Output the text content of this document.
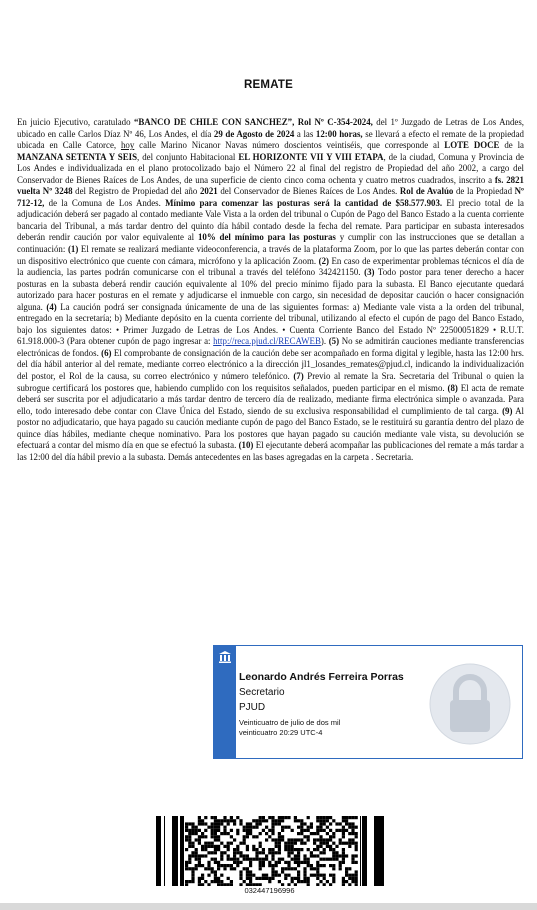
REMATE
En juicio Ejecutivo, caratulado “BANCO DE CHILE CON SANCHEZ”, Rol Nº C-354-2024, del 1º Juzgado de Letras de Los Andes, ubicado en calle Carlos Díaz Nº 46, Los Andes, el día 29 de Agosto de 2024 a las 12:00 horas, se llevará a efecto el remate de la propiedad ubicada en Calle Catorce, hoy calle Marino Nicanor Navas número doscientos veintiséis, que corresponde al LOTE DOCE de la MANZANA SETENTA Y SEIS, del conjunto Habitacional EL HORIZONTE VII Y VIII ETAPA, de la ciudad, Comuna y Provincia de Los Andes e individualizada en el plano protocolizado bajo el Número 22 al final del registro de Propiedad del año 2002, a cargo del Conservador de Bienes Raíces de Los Andes, de una superficie de ciento cinco coma ochenta y cuatro metros cuadrados, inscrito a fs. 2821 vuelta Nº 3248 del Registro de Propiedad del año 2021 del Conservador de Bienes Raíces de Los Andes. Rol de Avalúo de la Propiedad Nº 712-12, de la Comuna de Los Andes. Mínimo para comenzar las posturas será la cantidad de $58.577.903. El precio total de la adjudicación deberá ser pagado al contado mediante Vale Vista a la orden del tribunal o Cupón de Pago del Banco Estado a la cuenta corriente bancaria del Tribunal, a más tardar dentro del quinto día hábil contado desde la fecha del remate. Para participar en subasta interesados deberán rendir caución por valor equivalente al 10% del mínimo para las posturas y cumplir con las instrucciones que se detallan a continuación: (1) El remate se realizará mediante videoconferencia, a través de la plataforma Zoom, por lo que las partes deberán contar con un dispositivo electrónico que cuente con cámara, micrófono y la aplicación Zoom. (2) En caso de experimentar problemas técnicos el día de la audiencia, las partes podrán comunicarse con el tribunal a través del teléfono 342421150. (3) Todo postor para tener derecho a hacer posturas en la subasta deberá rendir caución equivalente al 10% del precio mínimo fijado para la subasta. El Banco ejecutante quedará autorizado para hacer posturas en el remate y adjudicarse el inmueble con cargo, sin necesidad de depositar caución o hacer consignación alguna. (4) La caución podrá ser consignada únicamente de una de las siguientes formas: a) Mediante vale vista a la orden del tribunal, entregado en la secretaría; b) Mediante depósito en la cuenta corriente del tribunal, utilizando al efecto el cupón de pago del Banco Estado, bajo los siguientes datos: • Primer Juzgado de Letras de Los Andes. • Cuenta Corriente Banco del Estado Nº 22500051829 • R.U.T. 61.918.000-3 (Para obtener cupón de pago ingresar a: http://reca.pjud.cl/RECAWEB). (5) No se admitirán cauciones mediante transferencias electrónicas de fondos. (6) El comprobante de consignación de la caución debe ser acompañado en forma digital y legible, hasta las 12:00 hrs. del día hábil anterior al del remate, mediante correo electrónico a la dirección jl1_losandes_remates@pjud.cl, indicando la individualización del postor, el Rol de la causa, su correo electrónico y número telefónico. (7) Previo al remate la Sra. Secretaria del Tribunal o quien la subrogue certificará los postores que, habiendo cumplido con los requisitos señalados, pueden participar en el mismo. (8) El acta de remate deberá ser suscrita por el adjudicatario a más tardar dentro de tercero día de realizado, mediante firma electrónica simple o avanzada. Para ello, todo interesado debe contar con Clave Única del Estado, siendo de su exclusiva responsabilidad el cumplimiento de tal carga. (9) Al postor no adjudicatario, que haya pagado su caución mediante cupón de pago del Banco Estado, se le restituirá su garantía dentro del plazo de quince días hábiles, mediante cheque nominativo. Para los postores que hayan pagado su caución mediante vale vista, su devolución se efectuará a contar del mismo día en que se efectuó la subasta. (10) El ejecutante deberá acompañar las publicaciones del remate a más tardar a las 12:00 del día hábil previo a la subasta. Demás antecedentes en las bases agregadas en la carpeta . Secretaria.
Leonardo Andrés Ferreira Porras
Secretario
PJUD
Veinticuatro de julio de dos mil veinticuatro 20:29 UTC-4
032447196996
